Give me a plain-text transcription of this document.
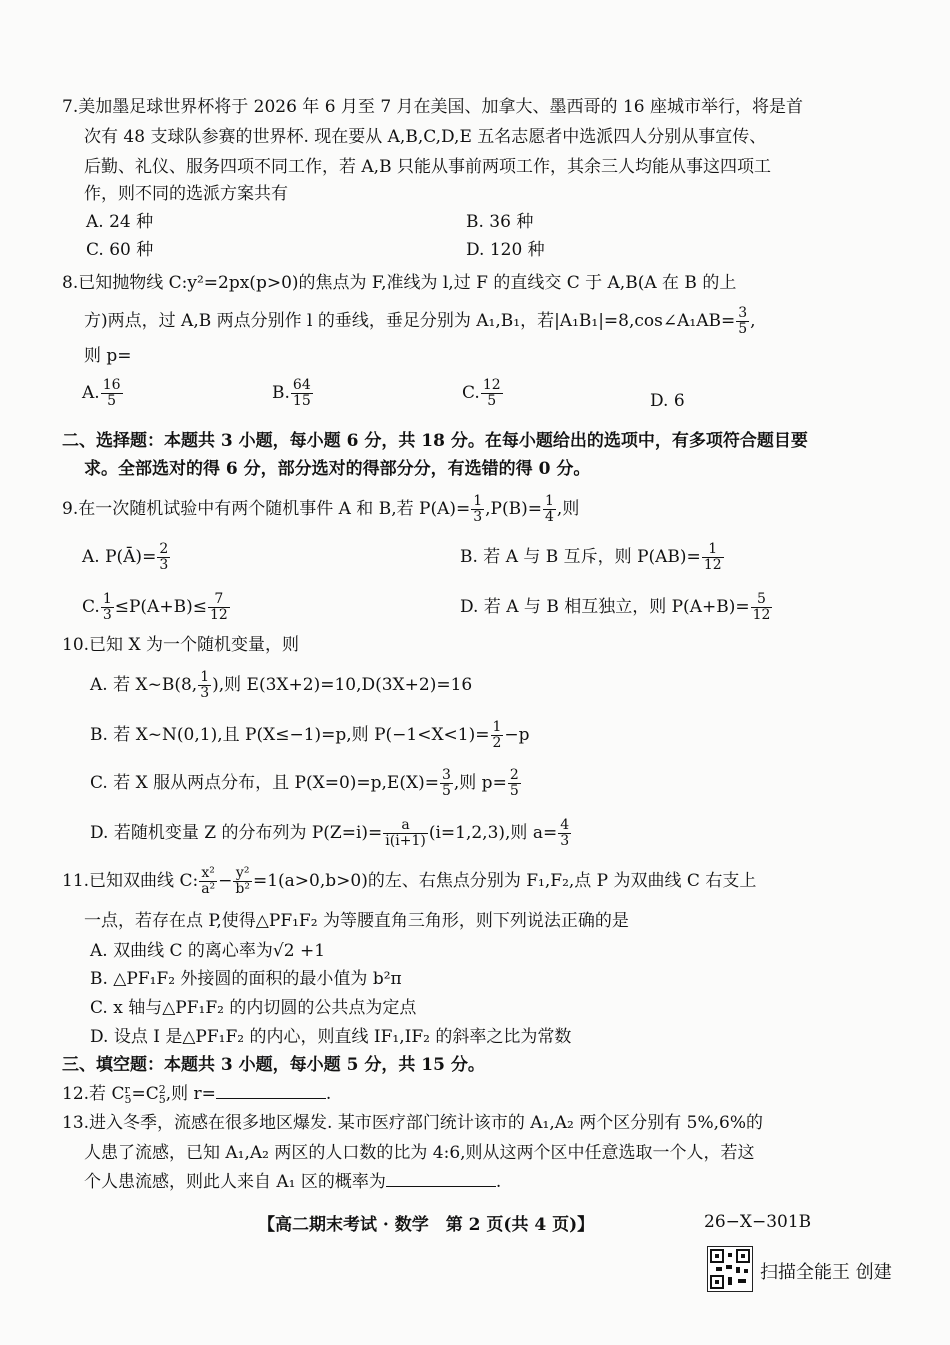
7.美加墨足球世界杯将于 2026 年 6 月至 7 月在美国、加拿大、墨西哥的 16 座城市举行，将是首
次有 48 支球队参赛的世界杯. 现在要从 A,B,C,D,E 五名志愿者中选派四人分别从事宣传、
后勤、礼仪、服务四项不同工作，若 A,B 只能从事前两项工作，其余三人均能从事这四项工
作，则不同的选派方案共有
A. 24 种	B. 36 种
C. 60 种	D. 120 种
8.已知抛物线 C:y²=2px(p>0)的焦点为 F,准线为 l,过 F 的直线交 C 于 A,B(A 在 B 的上
方)两点，过 A,B 两点分别作 l 的垂线，垂足分别为 A₁,B₁，若|A₁B₁|=8,cos∠A₁AB= $\frac{3}{5}$ ,
则 p=
A. $\frac{16}{5}$	B. $\frac{64}{15}$	C. $\frac{12}{5}$	D. 6
二、选择题：本题共 3 小题，每小题 6 分，共 18 分。在每小题给出的选项中，有多项符合题目要
求。全部选对的得 6 分，部分选对的得部分分，有选错的得 0 分。
9.在一次随机试验中有两个随机事件 A 和 B,若 $P(A)= \frac{1}{3} ,P(B)= \frac{1}{4}$ ,则
A. P(Ā)= $\frac{2}{3}$	B. 若 A 与 B 互斥，则 $P(AB)= \frac{1}{12}$
C. $\frac{1}{3} \le P(A+B)\le \frac{7}{12}$	D. 若 A 与 B 相互独立，则 $P(A+B)= \frac{5}{12}$
10.已知 X 为一个随机变量，则
A. 若 X~B(8, $\frac{1}{3}$ ),则 E(3X+2)=10,D(3X+2)=16
B. 若 X~N(0,1),且 P(X≤−1)=p,则 $P(-1<X<1)= \frac{1}{2} -p$
C. 若 X 服从两点分布，且 $P(X=0)=p,E(X)= \frac{3}{5}$ ,则 $p= \frac{2}{5}$
D. 若随机变量 Z 的分布列为 $P(Z=i)= \frac{a}{i(i+1)} (i=1,2,3)$,则 $a= \frac{4}{3}$
11.已知双曲线 C: $\frac{\text{x²}}{\text{a²}} - \frac{\text{y²}}{\text{b²}} =1(a>0,b>0)$的左、右焦点分别为 F₁,F₂,点 P 为双曲线 C 右支上
一点，若存在点 P,使得△PF₁F₂ 为等腰直角三角形，则下列说法正确的是
A. 双曲线 C 的离心率为√2 +1
B. △PF₁F₂ 外接圆的面积的最小值为 b²π
C. x 轴与△PF₁F₂ 的内切圆的公共点为定点
D. 设点 I 是△PF₁F₂ 的内心，则直线 IF₁,IF₂ 的斜率之比为常数
三、填空题：本题共 3 小题，每小题 5 分，共 15 分。
12.若 C r
5 =C 2
5 ,则 r=	.
13.进入冬季，流感在很多地区爆发. 某市医疗部门统计该市的 A₁,A₂ 两个区分别有 5%,6%的
人患了流感，已知 A₁,A₂ 两区的人口数的比为 4:6,则从这两个区中任意选取一个人，若这
个人患流感，则此人来自 A₁ 区的概率为	.
【高二期末考试 · 数学　第 2 页(共 4 页)】	26−X−301B
扫描全能王 创建
